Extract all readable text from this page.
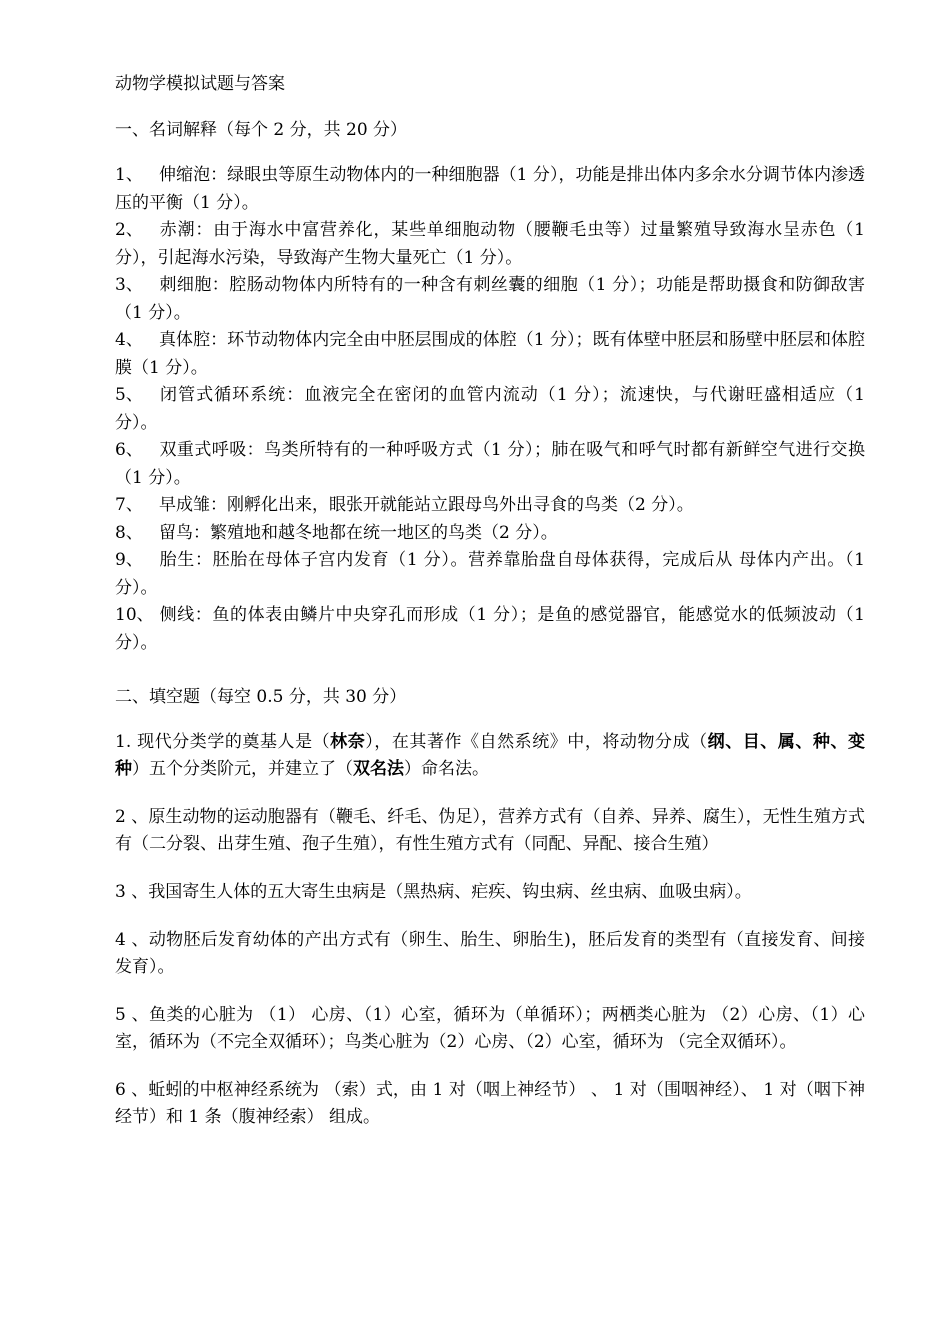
动物学模拟试题与答案
一、名词解释（每个 2 分，共 20 分）
1、 伸缩泡：绿眼虫等原生动物体内的一种细胞器（1 分），功能是排出体内多余水分调节体内渗透压的平衡（1 分）。
2、 赤潮：由于海水中富营养化，某些单细胞动物（腰鞭毛虫等）过量繁殖导致海水呈赤色（1 分），引起海水污染，导致海产生物大量死亡（1 分）。
3、 刺细胞：腔肠动物体内所特有的一种含有刺丝囊的细胞（1 分）；功能是帮助摄食和防御敌害（1 分）。
4、 真体腔：环节动物体内完全由中胚层围成的体腔（1 分）；既有体壁中胚层和肠壁中胚层和体腔膜（1 分）。
5、 闭管式循环系统：血液完全在密闭的血管内流动（1 分）；流速快，与代谢旺盛相适应（1 分）。
6、 双重式呼吸：鸟类所特有的一种呼吸方式（1 分）；肺在吸气和呼气时都有新鲜空气进行交换（1 分）。
7、 早成雏：刚孵化出来，眼张开就能站立跟母鸟外出寻食的鸟类（2 分）。
8、 留鸟：繁殖地和越冬地都在统一地区的鸟类（2 分）。
9、 胎生：胚胎在母体子宫内发育（1 分）。营养靠胎盘自母体获得，完成后从 母体内产出。（1 分）。
10、 侧线：鱼的体表由鳞片中央穿孔而形成（1 分）；是鱼的感觉器官，能感觉水的低频波动（1 分）。
二、填空题（每空 0.5 分，共 30 分）
1. 现代分类学的奠基人是（林奈），在其著作《自然系统》中，将动物分成（纲、目、属、种、变种）五个分类阶元，并建立了（双名法）命名法。
2 、原生动物的运动胞器有（鞭毛、纤毛、伪足），营养方式有（自养、异养、腐生），无性生殖方式有（二分裂、出芽生殖、孢子生殖），有性生殖方式有（同配、异配、接合生殖）
3 、我国寄生人体的五大寄生虫病是（黑热病、疟疾、钩虫病、丝虫病、血吸虫病）。
4 、动物胚后发育幼体的产出方式有（卵生、胎生、卵胎生)，胚后发育的类型有（直接发育、间接发育）。
5 、鱼类的心脏为 （1） 心房、（1）心室，循环为（单循环）；两栖类心脏为 （2）心房、（1）心室，循环为（不完全双循环）；鸟类心脏为（2）心房、（2）心室，循环为 （完全双循环）。
6 、蚯蚓的中枢神经系统为 （索）式，由 1 对（咽上神经节） 、 1 对（围咽神经）、 1 对（咽下神经节）和 1 条（腹神经索） 组成。
